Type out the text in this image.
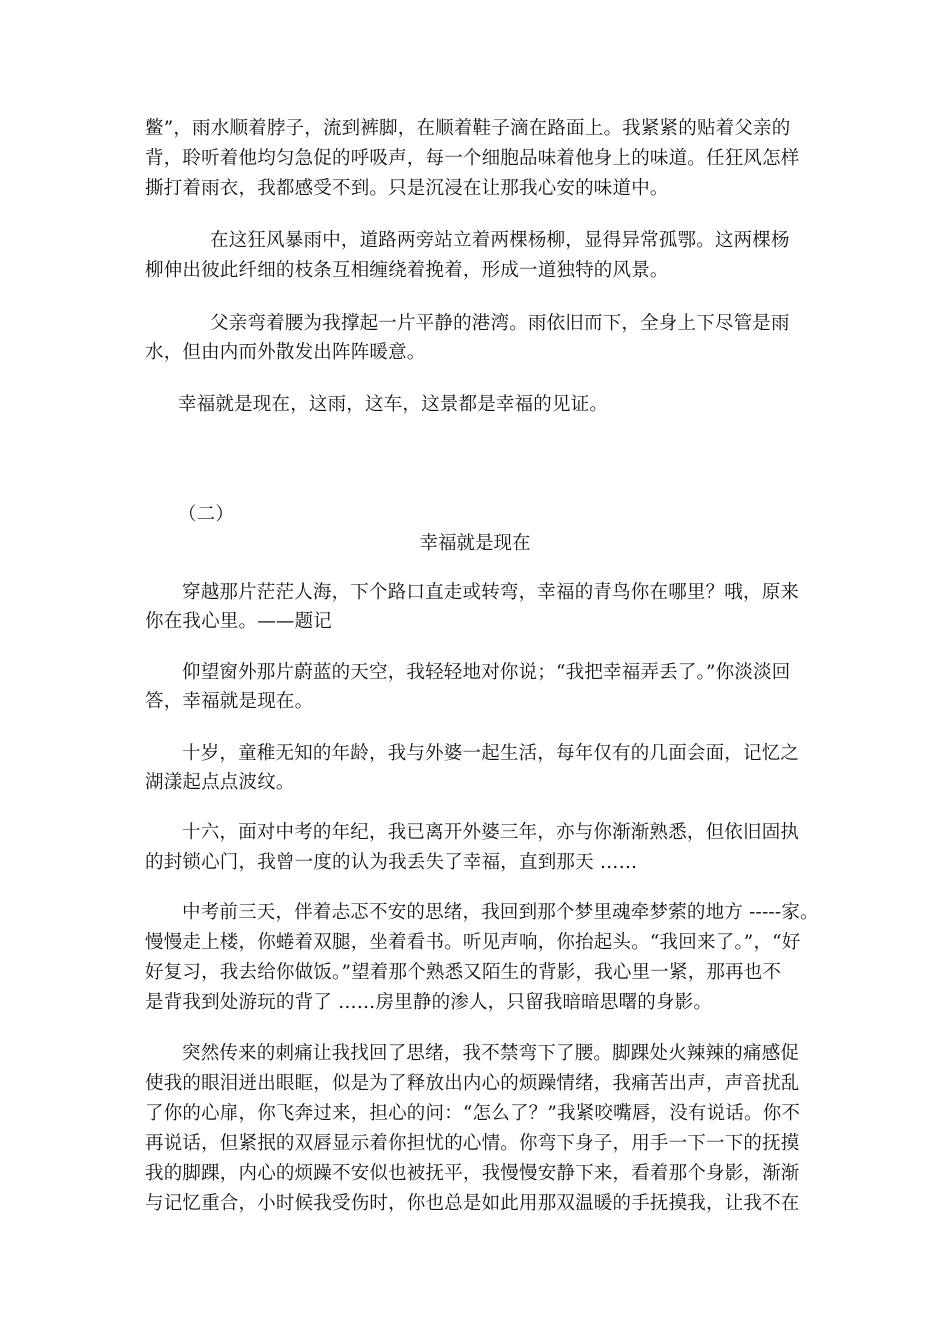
鳖”，雨水顺着脖子，流到裤脚，在顺着鞋子滴在路面上。我紧紧的贴着父亲的
背，聆听着他均匀急促的呼吸声，每一个细胞品味着他身上的味道。任狂风怎样
撕打着雨衣，我都感受不到。只是沉浸在让那我心安的味道中。
在这狂风暴雨中，道路两旁站立着两棵杨柳，显得异常孤鄂。这两棵杨
柳伸出彼此纤细的枝条互相缠绕着挽着，形成一道独特的风景。
父亲弯着腰为我撑起一片平静的港湾。雨依旧而下，全身上下尽管是雨
水，但由内而外散发出阵阵暖意。
幸福就是现在，这雨，这车，这景都是幸福的见证。
（二）
幸福就是现在
穿越那片茫茫人海，下个路口直走或转弯，幸福的青鸟你在哪里？哦，原来
你在我心里。——题记
仰望窗外那片蔚蓝的天空，我轻轻地对你说；“我把幸福弄丢了。”你淡淡回
答，幸福就是现在。
十岁，童稚无知的年龄，我与外婆一起生活，每年仅有的几面会面，记忆之
湖漾起点点波纹。
十六，面对中考的年纪，我已离开外婆三年，亦与你渐渐熟悉，但依旧固执
的封锁心门，我曾一度的认为我丢失了幸福，直到那天 ……
中考前三天，伴着忐忑不安的思绪，我回到那个梦里魂牵梦萦的地方 -----家。
慢慢走上楼，你蜷着双腿，坐着看书。听见声响，你抬起头。“我回来了。”，“好
好复习，我去给你做饭。”望着那个熟悉又陌生的背影，我心里一紧，那再也不
是背我到处游玩的背了 ……房里静的渗人，只留我暗暗思曙的身影。
突然传来的刺痛让我找回了思绪，我不禁弯下了腰。脚踝处火辣辣的痛感促
使我的眼泪迸出眼眶，似是为了释放出内心的烦躁情绪，我痛苦出声，声音扰乱
了你的心扉，你飞奔过来，担心的问：“怎么了？”我紧咬嘴唇，没有说话。你不
再说话，但紧抿的双唇显示着你担忧的心情。你弯下身子，用手一下一下的抚摸
我的脚踝，内心的烦躁不安似也被抚平，我慢慢安静下来，看着那个身影，渐渐
与记忆重合，小时候我受伤时，你也总是如此用那双温暖的手抚摸我，让我不在
